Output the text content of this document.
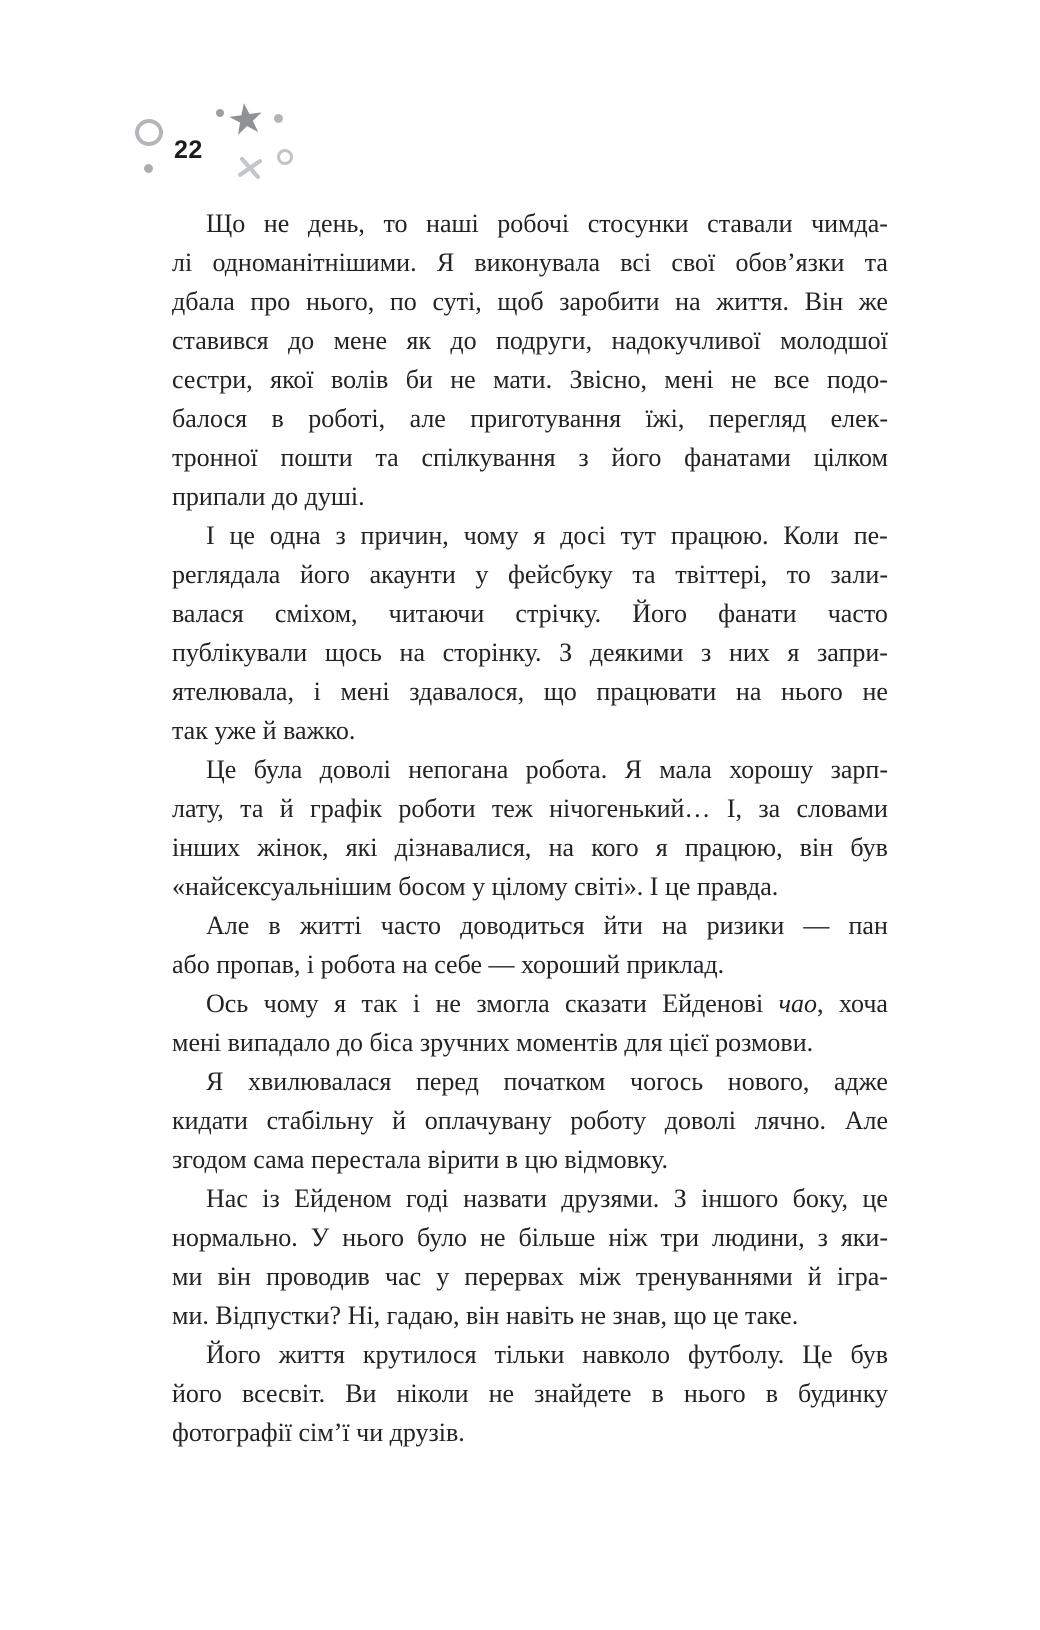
22
Що не день, то наші робочі стосунки ставали чимда-
лі одноманітнішими. Я виконувала всі свої обов’язки та
дбала про нього, по суті, щоб заробити на життя. Він же
ставився до мене як до подруги, надокучливої молодшої
сестри, якої волів би не мати. Звісно, мені не все подо-
балося в роботі, але приготування їжі, перегляд елек-
тронної пошти та спілкування з його фанатами цілком
припали до душі.
І це одна з причин, чому я досі тут працюю. Коли пе-
реглядала його акаунти у фейсбуку та твіттері, то зали-
валася сміхом, читаючи стрічку. Його фанати часто
публікували щось на сторінку. З деякими з них я запри-
ятелювала, і мені здавалося, що працювати на нього не
так уже й важко.
Це була доволі непогана робота. Я мала хорошу зарп-
лату, та й графік роботи теж нічогенький… І, за словами
інших жінок, які дізнавалися, на кого я працюю, він був
«найсексуальнішим босом у цілому світі». І це правда.
Але в житті часто доводиться йти на ризики — пан
або пропав, і робота на себе — хороший приклад.
Ось чому я так і не змогла сказати Ейденові чао, хоча
мені випадало до біса зручних моментів для цієї розмови.
Я хвилювалася перед початком чогось нового, адже
кидати стабільну й оплачувану роботу доволі лячно. Але
згодом сама перестала вірити в цю відмовку.
Нас із Ейденом годі назвати друзями. З іншого боку, це
нормально. У нього було не більше ніж три людини, з яки-
ми він проводив час у перервах між тренуваннями й ігра-
ми. Відпустки? Ні, гадаю, він навіть не знав, що це таке.
Його життя крутилося тільки навколо футболу. Це був
його всесвіт. Ви ніколи не знайдете в нього в будинку
фотографії сім’ї чи друзів.
